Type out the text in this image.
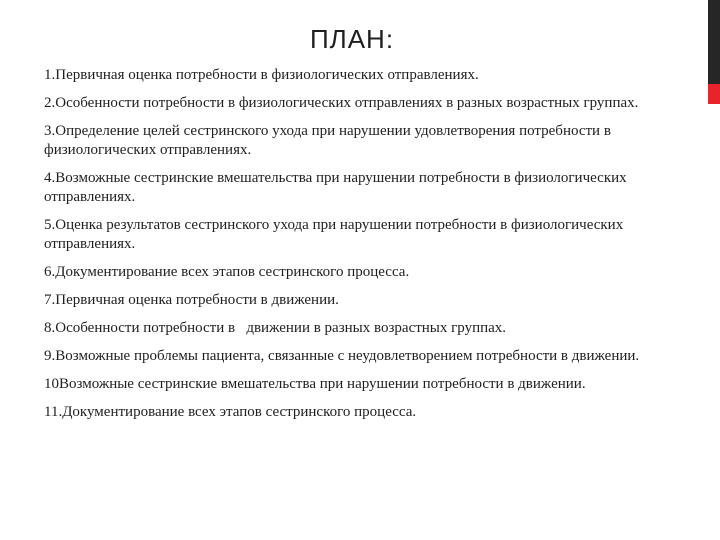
ПЛАН:
1.Первичная оценка потребности в физиологических отправлениях.
2.Особенности потребности в физиологических отправлениях в разных возрастных группах.
3.Определение целей сестринского ухода при нарушении удовлетворения потребности в физиологических отправлениях.
4.Возможные сестринские вмешательства при нарушении потребности в физиологических отправлениях.
5.Оценка результатов сестринского ухода при нарушении потребности в физиологических отправлениях.
6.Документирование всех этапов сестринского процесса.
7.Первичная оценка потребности в движении.
8.Особенности потребности в   движении в разных возрастных группах.
9.Возможные проблемы пациента, связанные с неудовлетворением потребности в движении.
10Возможные сестринские вмешательства при нарушении потребности в движении.
11.Документирование всех этапов сестринского процесса.
